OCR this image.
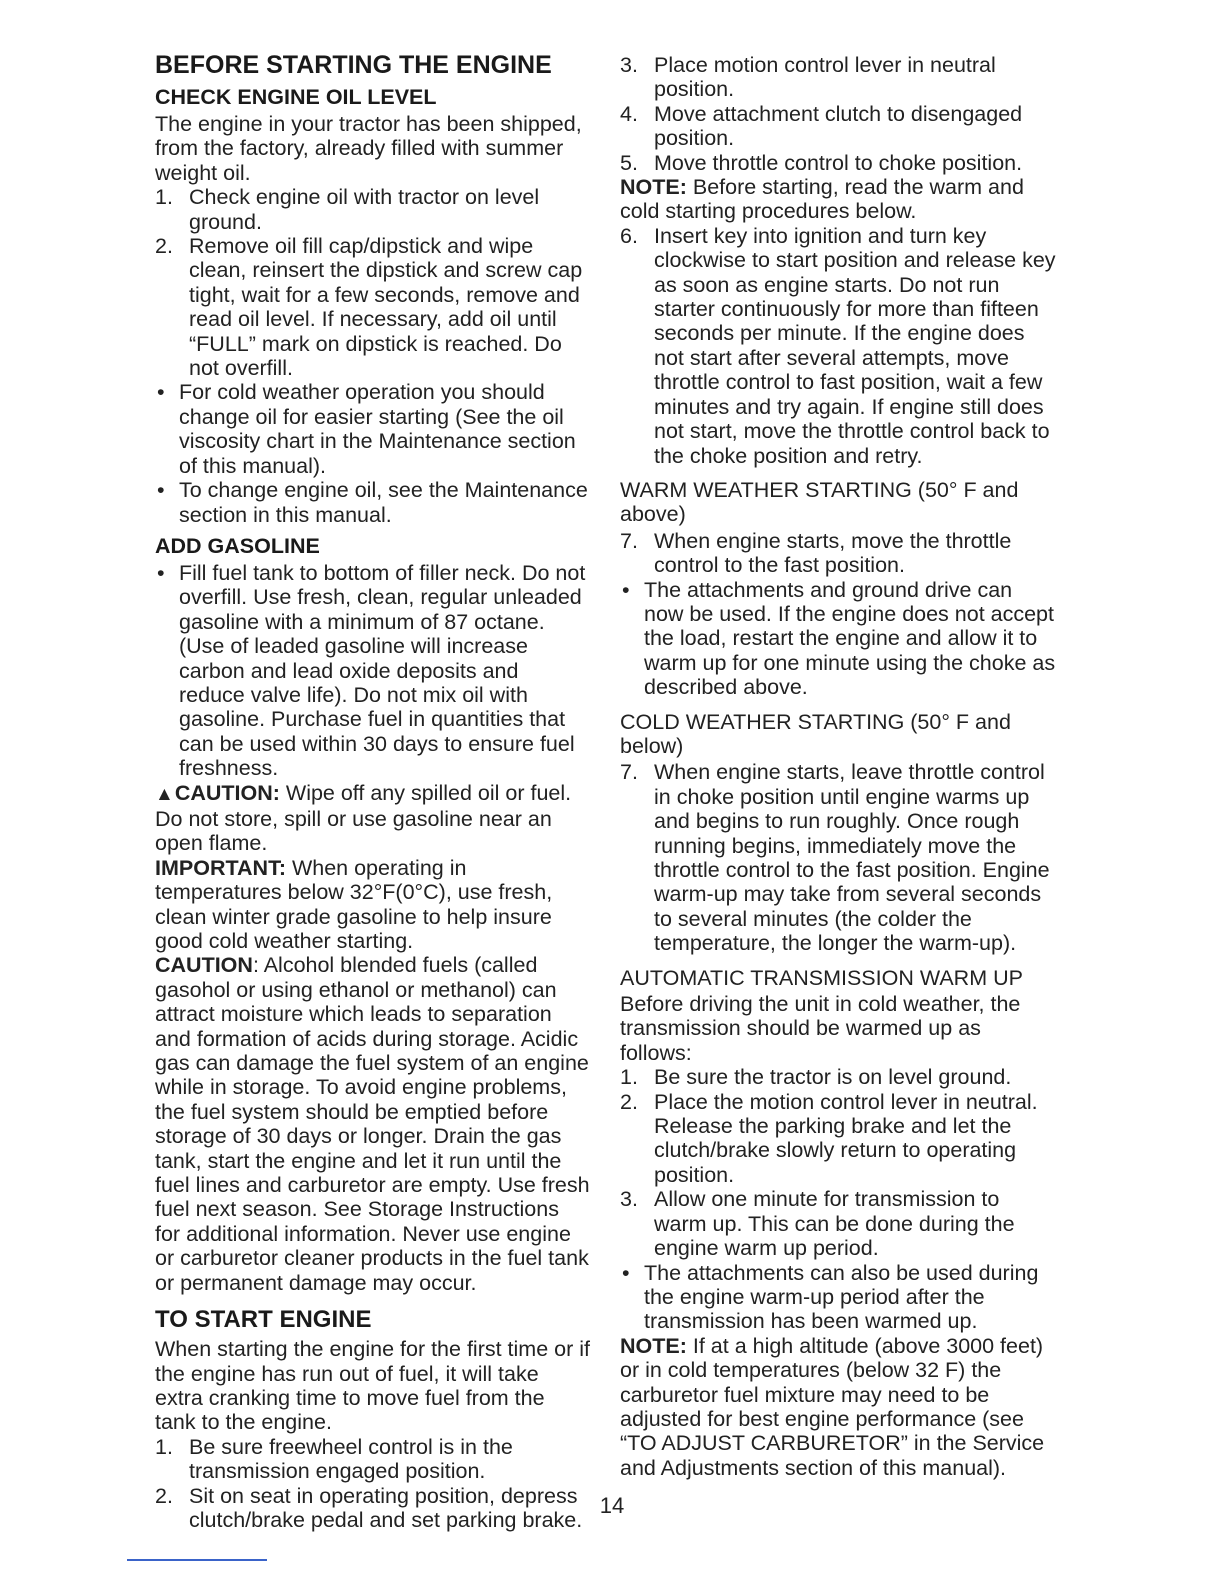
BEFORE STARTING THE ENGINE
CHECK ENGINE OIL LEVEL

The engine in your tractor has been shipped, from the factory, already filled with summer weight oil.

1. Check engine oil with tractor on level ground.
2. Remove oil fill cap/dipstick and wipe clean, reinsert the dipstick and screw cap tight, wait for a few seconds, remove and read oil level. If necessary, add oil until “FULL” mark on dipstick is reached. Do not overfill.
• For cold weather operation you should change oil for easier starting (See the oil viscosity chart in the Maintenance section of this manual).
• To change engine oil, see the Maintenance section in this manual.
ADD GASOLINE
• Fill fuel tank to bottom of filler neck. Do not overfill. Use fresh, clean, regular unleaded gasoline with a minimum of 87 octane. (Use of leaded gasoline will increase carbon and lead oxide deposits and reduce valve life). Do not mix oil with gasoline. Purchase fuel in quantities that can be used within 30 days to ensure fuel freshness.

▲CAUTION: Wipe off any spilled oil or fuel. Do not store, spill or use gasoline near an open flame.

IMPORTANT: When operating in temperatures below 32°F(0°C), use fresh, clean winter grade gasoline to help insure good cold weather starting.

CAUTION: Alcohol blended fuels (called gasohol or using ethanol or methanol) can attract moisture which leads to separation and formation of acids during storage. Acidic gas can damage the fuel system of an engine while in storage. To avoid engine problems, the fuel system should be emptied before storage of 30 days or longer. Drain the gas tank, start the engine and let it run until the fuel lines and carburetor are empty. Use fresh fuel next season. See Storage Instructions for additional information. Never use engine or carburetor cleaner products in the fuel tank or permanent damage may occur.

TO START ENGINE

When starting the engine for the first time or if the engine has run out of fuel, it will take extra cranking time to move fuel from the tank to the engine.

1. Be sure freewheel control is in the transmission engaged position.
2. Sit on seat in operating position, depress clutch/brake pedal and set parking brake.
3. Place motion control lever in neutral position.
4. Move attachment clutch to disengaged position.
5. Move throttle control to choke position.

NOTE: Before starting, read the warm and cold starting procedures below.

6. Insert key into ignition and turn key clockwise to start position and release key as soon as engine starts. Do not run starter continuously for more than fifteen seconds per minute. If the engine does not start after several attempts, move throttle control to fast position, wait a few minutes and try again. If engine still does not start, move the throttle control back to the choke position and retry.

WARM WEATHER STARTING (50° F and above)

7. When engine starts, move the throttle control to the fast position.
• The attachments and ground drive can now be used. If the engine does not accept the load, restart the engine and allow it to warm up for one minute using the choke as described above.

COLD WEATHER STARTING (50° F and below)

7. When engine starts, leave throttle control in choke position until engine warms up and begins to run roughly. Once rough running begins, immediately move the throttle control to the fast position. Engine warm-up may take from several seconds to several minutes (the colder the temperature, the longer the warm-up).

AUTOMATIC TRANSMISSION WARM UP

Before driving the unit in cold weather, the transmission should be warmed up as follows:

1. Be sure the tractor is on level ground.
2. Place the motion control lever in neutral. Release the parking brake and let the clutch/brake slowly return to operating position.
3. Allow one minute for transmission to warm up. This can be done during the engine warm up period.
• The attachments can also be used during the engine warm-up period after the transmission has been warmed up.

NOTE: If at a high altitude (above 3000 feet) or in cold temperatures (below 32 F) the carburetor fuel mixture may need to be adjusted for best engine performance (see “TO ADJUST CARBURETOR” in the Service and Adjustments section of this manual).

14
